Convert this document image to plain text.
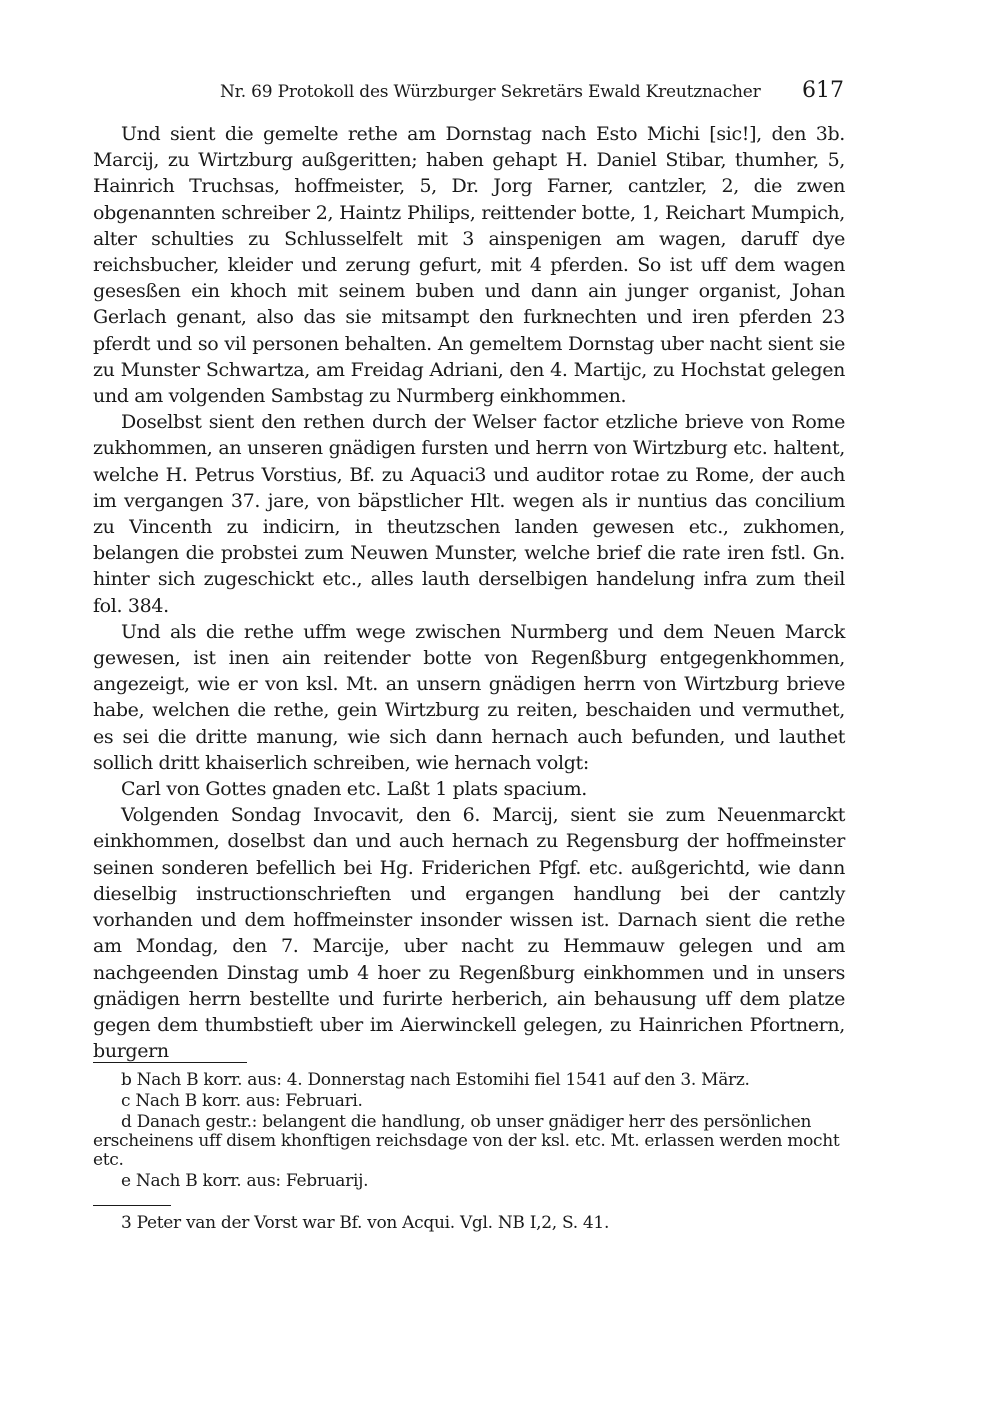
Nr. 69 Protokoll des Würzburger Sekretärs Ewald Kreutznacher 617

Und sient die gemelte rethe am Dornstag nach Esto Michi [sic!], den 3b. Marcij, zu Wirtzburg außgeritten; haben gehapt H. Daniel Stibar, thumher, 5, Hainrich Truchsas, hoffmeister, 5, Dr. Jorg Farner, cantzler, 2, die zwen obgenannten schreiber 2, Haintz Philips, reittender botte, 1, Reichart Mumpich, alter schulties zu Schlusselfelt mit 3 ainspenigen am wagen, daruff dye reichsbucher, kleider und zerung gefurt, mit 4 pferden. So ist uff dem wagen gesesßen ein khoch mit seinem buben und dann ain junger organist, Johan Gerlach genant, also das sie mitsampt den furknechten und iren pferden 23 pferdt und so vil personen behalten. An gemeltem Dornstag uber nacht sient sie zu Munster Schwartza, am Freidag Adriani, den 4. Martijc, zu Hochstat gelegen und am volgenden Sambstag zu Nurmberg einkhommen.

Doselbst sient den rethen durch der Welser factor etzliche brieve von Rome zukhommen, an unseren gnädigen fursten und herrn von Wirtzburg etc. haltent, welche H. Petrus Vorstius, Bf. zu Aquaci3 und auditor rotae zu Rome, der auch im vergangen 37. jare, von bäpstlicher Hlt. wegen als ir nuntius das concilium zu Vincenth zu indicirn, in theutzschen landen gewesen etc., zukhomen, belangen die probstei zum Neuwen Munster, welche brief die rate iren fstl. Gn. hinter sich zugeschickt etc., alles lauth derselbigen handelung infra zum theil fol. 384.

Und als die rethe uffm wege zwischen Nurmberg und dem Neuen Marck gewesen, ist inen ain reitender botte von Regenßburg entgegenkhommen, angezeigt, wie er von ksl. Mt. an unsern gnädigen herrn von Wirtzburg brieve habe, welchen die rethe, gein Wirtzburg zu reiten, beschaiden und vermuthet, es sei die dritte manung, wie sich dann hernach auch befunden, und lauthet sollich dritt khaiserlich schreiben, wie hernach volgt:

Carl von Gottes gnaden etc. Laßt 1 plats spacium.

Volgenden Sondag Invocavit, den 6. Marcij, sient sie zum Neuenmarckt einkhommen, doselbst dan und auch hernach zu Regensburg der hoffmeinster seinen sonderen befellich bei Hg. Friderichen Pfgf. etc. außgerichtd, wie dann dieselbig instructionschrieften und ergangen handlung bei der cantzly vorhanden und dem hoffmeinster insonder wissen ist. Darnach sient die rethe am Mondag, den 7. Marcije, uber nacht zu Hemmauw gelegen und am nachgeenden Dinstag umb 4 hoer zu Regenßburg einkhommen und in unsers gnädigen herrn bestellte und furirte herberich, ain behausung uff dem platze gegen dem thumbstieft uber im Aierwinckell gelegen, zu Hainrichen Pfortnern, burgern

b Nach B korr. aus: 4. Donnerstag nach Estomihi fiel 1541 auf den 3. März.

c Nach B korr. aus: Februari.

d Danach gestr.: belangent die handlung, ob unser gnädiger herr des persönlichen erscheinens uff disem khonftigen reichsdage von der ksl. etc. Mt. erlassen werden mocht etc.

e Nach B korr. aus: Februarij.

3 Peter van der Vorst war Bf. von Acqui. Vgl. NB I,2, S. 41.
